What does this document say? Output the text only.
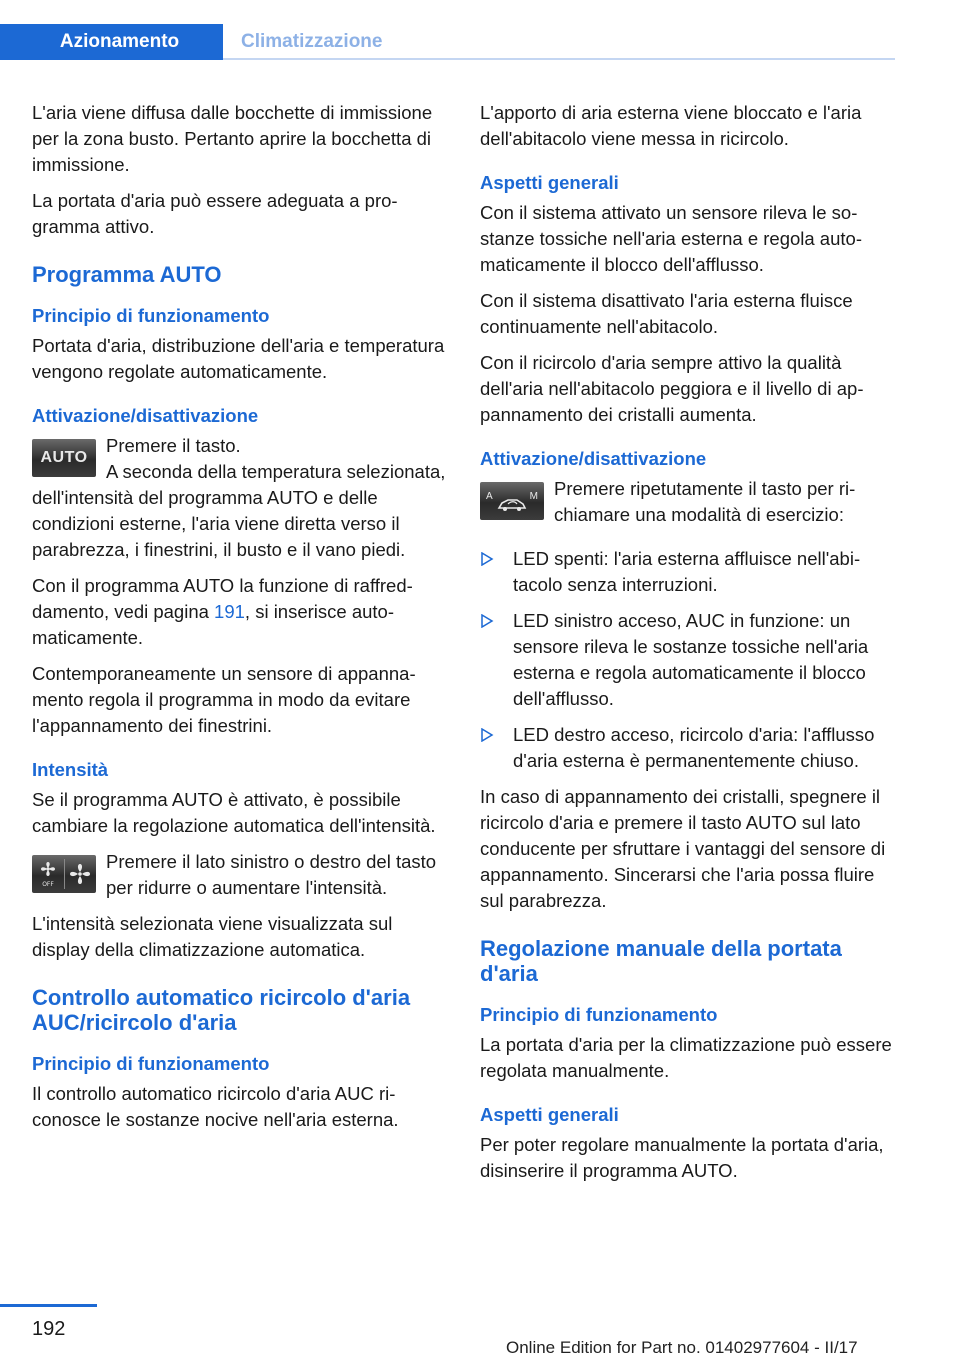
Azionamento	Climatizzazione

L'aria viene diffusa dalle bocchette di immissione per la zona busto. Pertanto aprire la bocchetta di immissione.

La portata d'aria può essere adeguata a programma attivo.

Programma AUTO
Principio di funzionamento

Portata d'aria, distribuzione dell'aria e temperatura vengono regolate automaticamente.

Attivazione/disattivazione
AUTO

Premere il tasto.

A seconda della temperatura selezionata, dell'intensità del programma AUTO e delle condizioni esterne, l'aria viene diretta verso il parabrezza, i finestrini, il busto e il vano piedi.

Con il programma AUTO la funzione di raffreddamento, vedi pagina 191, si inserisce automaticamente.

Contemporaneamente un sensore di appannamento regola il programma in modo da evitare l'appannamento dei finestrini.

Intensità

Se il programma AUTO è attivato, è possibile cambiare la regolazione automatica dell'intensità.

OFF

Premere il lato sinistro o destro del tasto per ridurre o aumentare l'intensità.

L'intensità selezionata viene visualizzata sul display della climatizzazione automatica.

Controllo automatico ricircolo d'aria AUC/ricircolo d'aria
Principio di funzionamento

Il controllo automatico ricircolo d'aria AUC riconosce le sostanze nocive nell'aria esterna.

L'apporto di aria esterna viene bloccato e l'aria dell'abitacolo viene messa in ricircolo.

Aspetti generali

Con il sistema attivato un sensore rileva le sostanze tossiche nell'aria esterna e regola automaticamente il blocco dell'afflusso.

Con il sistema disattivato l'aria esterna fluisce continuamente nell'abitacolo.

Con il ricircolo d'aria sempre attivo la qualità dell'aria nell'abitacolo peggiora e il livello di appannamento dei cristalli aumenta.

Attivazione/disattivazione
A	M Premere ripetutamente il tasto per richiamare una modalità di esercizio:

LED spenti: l'aria esterna affluisce nell'abitacolo senza interruzioni.
LED sinistro acceso, AUC in funzione: un sensore rileva le sostanze tossiche nell'aria esterna e regola automaticamente il blocco dell'afflusso.
LED destro acceso, ricircolo d'aria: l'afflusso d'aria esterna è permanentemente chiuso.

In caso di appannamento dei cristalli, spegnere il ricircolo d'aria e premere il tasto AUTO sul lato conducente per sfruttare i vantaggi del sensore di appannamento. Sincerarsi che l'aria possa fluire sul parabrezza.

Regolazione manuale della portata d'aria
Principio di funzionamento

La portata d'aria per la climatizzazione può essere regolata manualmente.

Aspetti generali

Per poter regolare manualmente la portata d'aria, disinserire il programma AUTO.

192
Online Edition for Part no. 01402977604 - II/17
